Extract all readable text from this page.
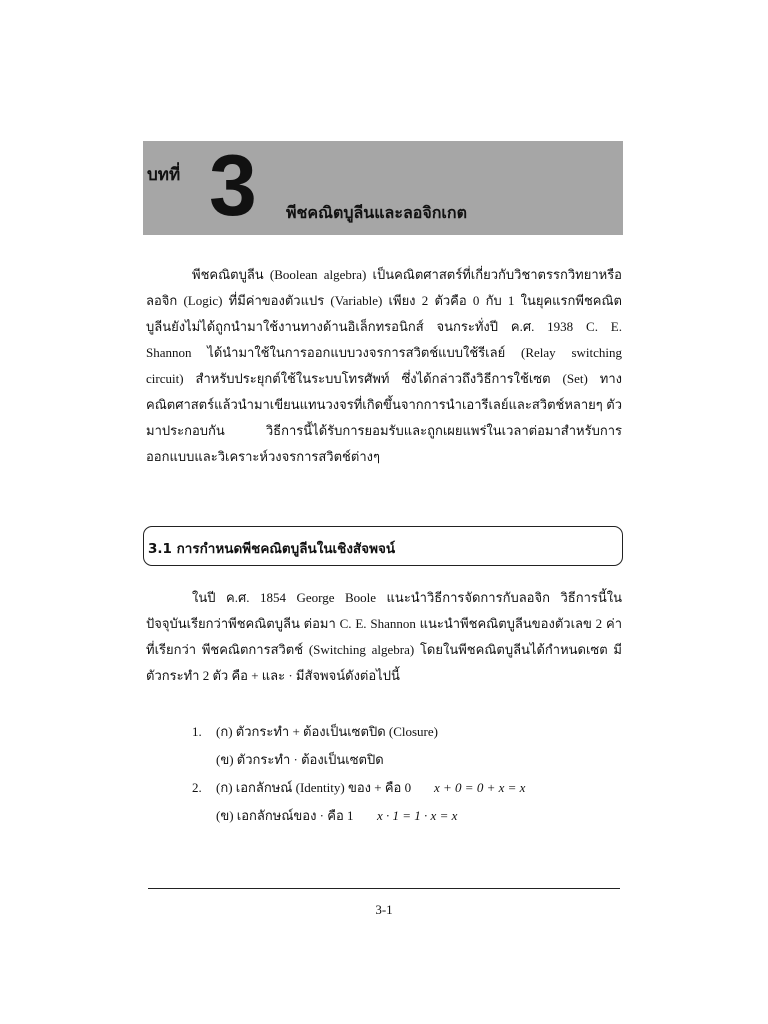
บทที่ 3 พีชคณิตบูลีนและลอจิกเกต
พีชคณิตบูลีน (Boolean algebra) เป็นคณิตศาสตร์ที่เกี่ยวกับวิชาตรรกวิทยาหรือ
ลอจิก (Logic) ที่มีค่าของตัวแปร (Variable) เพียง 2 ตัวคือ 0 กับ 1 ในยุคแรกพีชคณิต
บูลีนยังไม่ได้ถูกนำมาใช้งานทางด้านอิเล็กทรอนิกส์ จนกระทั่งปี ค.ศ. 1938 C. E.
Shannon ได้นำมาใช้ในการออกแบบวงจรการสวิตช์แบบใช้รีเลย์ (Relay switching
circuit) สำหรับประยุกต์ใช้ในระบบโทรศัพท์ ซึ่งได้กล่าวถึงวิธีการใช้เซต (Set) ทาง
คณิตศาสตร์แล้วนำมาเขียนแทนวงจรที่เกิดขึ้นจากการนำเอารีเลย์และสวิตช์หลายๆ ตัว
มาประกอบกัน วิธีการนี้ได้รับการยอมรับและถูกเผยแพร่ในเวลาต่อมาสำหรับการ
ออกแบบและวิเคราะห์วงจรการสวิตช์ต่างๆ
3.1 การกำหนดพีชคณิตบูลีนในเชิงสัจพจน์
ในปี ค.ศ. 1854 George Boole แนะนำวิธีการจัดการกับลอจิก วิธีการนี้ใน
ปัจจุบันเรียกว่าพีชคณิตบูลีน ต่อมา C. E. Shannon แนะนำพีชคณิตบูลีนของตัวเลข 2 ค่า
ที่เรียกว่า พีชคณิตการสวิตช์ (Switching algebra) โดยในพีชคณิตบูลีนได้กำหนดเซต มี
ตัวกระทำ 2 ตัว คือ + และ · มีสัจพจน์ดังต่อไปนี้
1.	(ก) ตัวกระทำ + ต้องเป็นเซตปิด (Closure)
(ข) ตัวกระทำ · ต้องเป็นเซตปิด
2.	(ก) เอกลักษณ์ (Identity) ของ + คือ 0 x + 0 = 0 + x = x
(ข) เอกลักษณ์ของ · คือ 1 x · 1 = 1 · x = x
3-1
